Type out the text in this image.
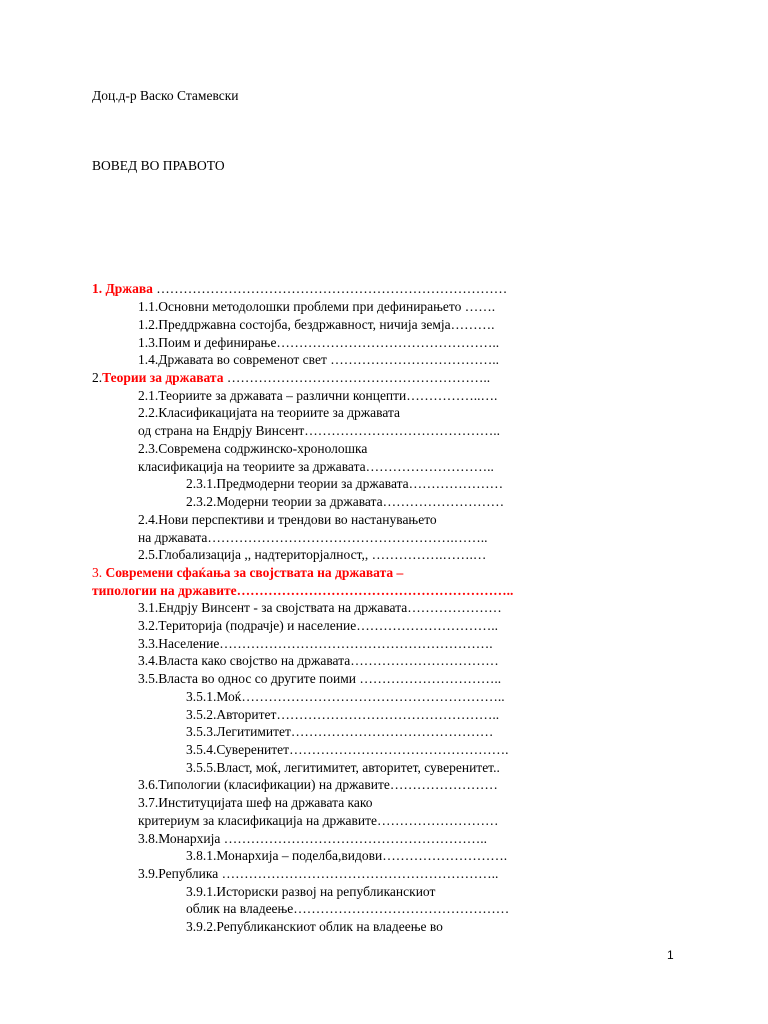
Доц.д-р Васко Стамевски
ВОВЕД ВО ПРАВОТО
1. Држава ……………………………………………………………………
1.1.Основни методолошки проблеми при дефинирањето …….
1.2.Преддржавна состојба, бездржавност, ничија земја……….
1.3.Поим и дефинирање…………………………………………..
1.4.Државата во современот свет ………………………………..
2.Теории за државата …………………………………………………..
2.1.Теориите за државата – различни концепти……………..….
2.2.Класификацијата на теориите за државата
од страна на Ендрју Винсент……………………………………..
2.3.Современа содржинско-хронолошка
класификација на теориите за државата………………………..
2.3.1.Предмодерни теории за државата…………………
2.3.2.Модерни теории за државата………………………
2.4.Нови перспективи и трендови во настанувањето
на државата……………………………………………….……..
2.5.Глобализација ,, надтериторјалност,, …………….…….…
3. Современи сфаќања за својствата на државата –
типологии на државите……………………………………………………..
3.1.Ендрју Винсент - за својствата на државата…………………
3.2.Територија (подрачје) и население…………………………..
3.3.Население…………………………………………………….
3.4.Власта како својство на државата……………………………
3.5.Власта во однос со другите поими …………………………..
3.5.1.Моќ…………………………………………………..
3.5.2.Авторитет…………………………………………..
3.5.3.Легитимитет………………………………………
3.5.4.Суверенитет………………………………………….
3.5.5.Власт, моќ, легитимитет, авторитет, суверенитет..
3.6.Типологии (класификации) на државите……………………
3.7.Институцијата шеф на државата како
критериум за класификација на државите………………………
3.8.Монархија …………………………………………………..
3.8.1.Монархија – поделба,видови……………………….
3.9.Република ……………………………………………………..
3.9.1.Историски развој на републиканскиот
облик на владеење…………………………………………
3.9.2.Републиканскиот облик на владеење во
1
